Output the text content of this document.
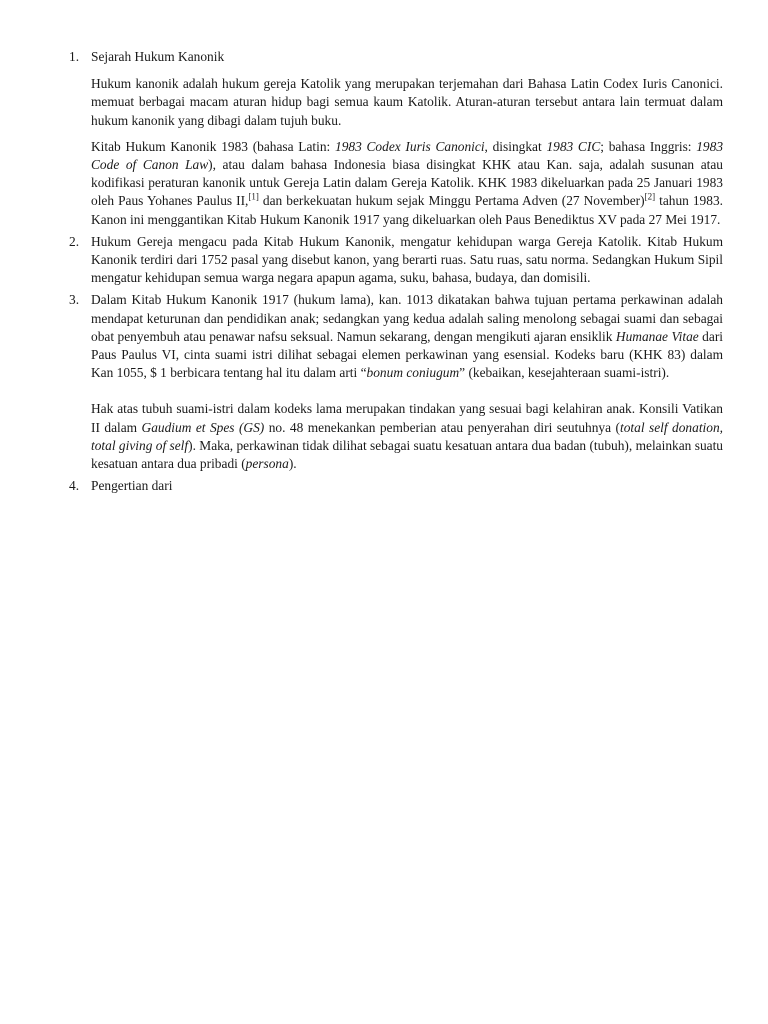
1. Sejarah Hukum Kanonik

Hukum kanonik adalah hukum gereja Katolik yang merupakan terjemahan dari Bahasa Latin Codex Iuris Canonici. memuat berbagai macam aturan hidup bagi semua kaum Katolik. Aturan-aturan tersebut antara lain termuat dalam hukum kanonik yang dibagi dalam tujuh buku.

Kitab Hukum Kanonik 1983 (bahasa Latin: 1983 Codex Iuris Canonici, disingkat 1983 CIC; bahasa Inggris: 1983 Code of Canon Law), atau dalam bahasa Indonesia biasa disingkat KHK atau Kan. saja, adalah susunan atau kodifikasi peraturan kanonik untuk Gereja Latin dalam Gereja Katolik. KHK 1983 dikeluarkan pada 25 Januari 1983 oleh Paus Yohanes Paulus II,[1] dan berkekuatan hukum sejak Minggu Pertama Adven (27 November)[2] tahun 1983. Kanon ini menggantikan Kitab Hukum Kanonik 1917 yang dikeluarkan oleh Paus Benediktus XV pada 27 Mei 1917.

2. Hukum Gereja mengacu pada Kitab Hukum Kanonik, mengatur kehidupan warga Gereja Katolik. Kitab Hukum Kanonik terdiri dari 1752 pasal yang disebut kanon, yang berarti ruas. Satu ruas, satu norma. Sedangkan Hukum Sipil mengatur kehidupan semua warga negara apapun agama, suku, bahasa, budaya, dan domisili.

3. Dalam Kitab Hukum Kanonik 1917 (hukum lama), kan. 1013 dikatakan bahwa tujuan pertama perkawinan adalah mendapat keturunan dan pendidikan anak; sedangkan yang kedua adalah saling menolong sebagai suami dan sebagai obat penyembuh atau penawar nafsu seksual. Namun sekarang, dengan mengikuti ajaran ensiklik Humanae Vitae dari Paus Paulus VI, cinta suami istri dilihat sebagai elemen perkawinan yang esensial. Kodeks baru (KHK 83) dalam Kan 1055, $ 1 berbicara tentang hal itu dalam arti “bonum coniugum” (kebaikan, kesejahteraan suami-istri).

Hak atas tubuh suami-istri dalam kodeks lama merupakan tindakan yang sesuai bagi kelahiran anak. Konsili Vatikan II dalam Gaudium et Spes (GS) no. 48 menekankan pemberian atau penyerahan diri seutuhnya (total self donation, total giving of self). Maka, perkawinan tidak dilihat sebagai suatu kesatuan antara dua badan (tubuh), melainkan suatu kesatuan antara dua pribadi (persona).

4. Pengertian dari
